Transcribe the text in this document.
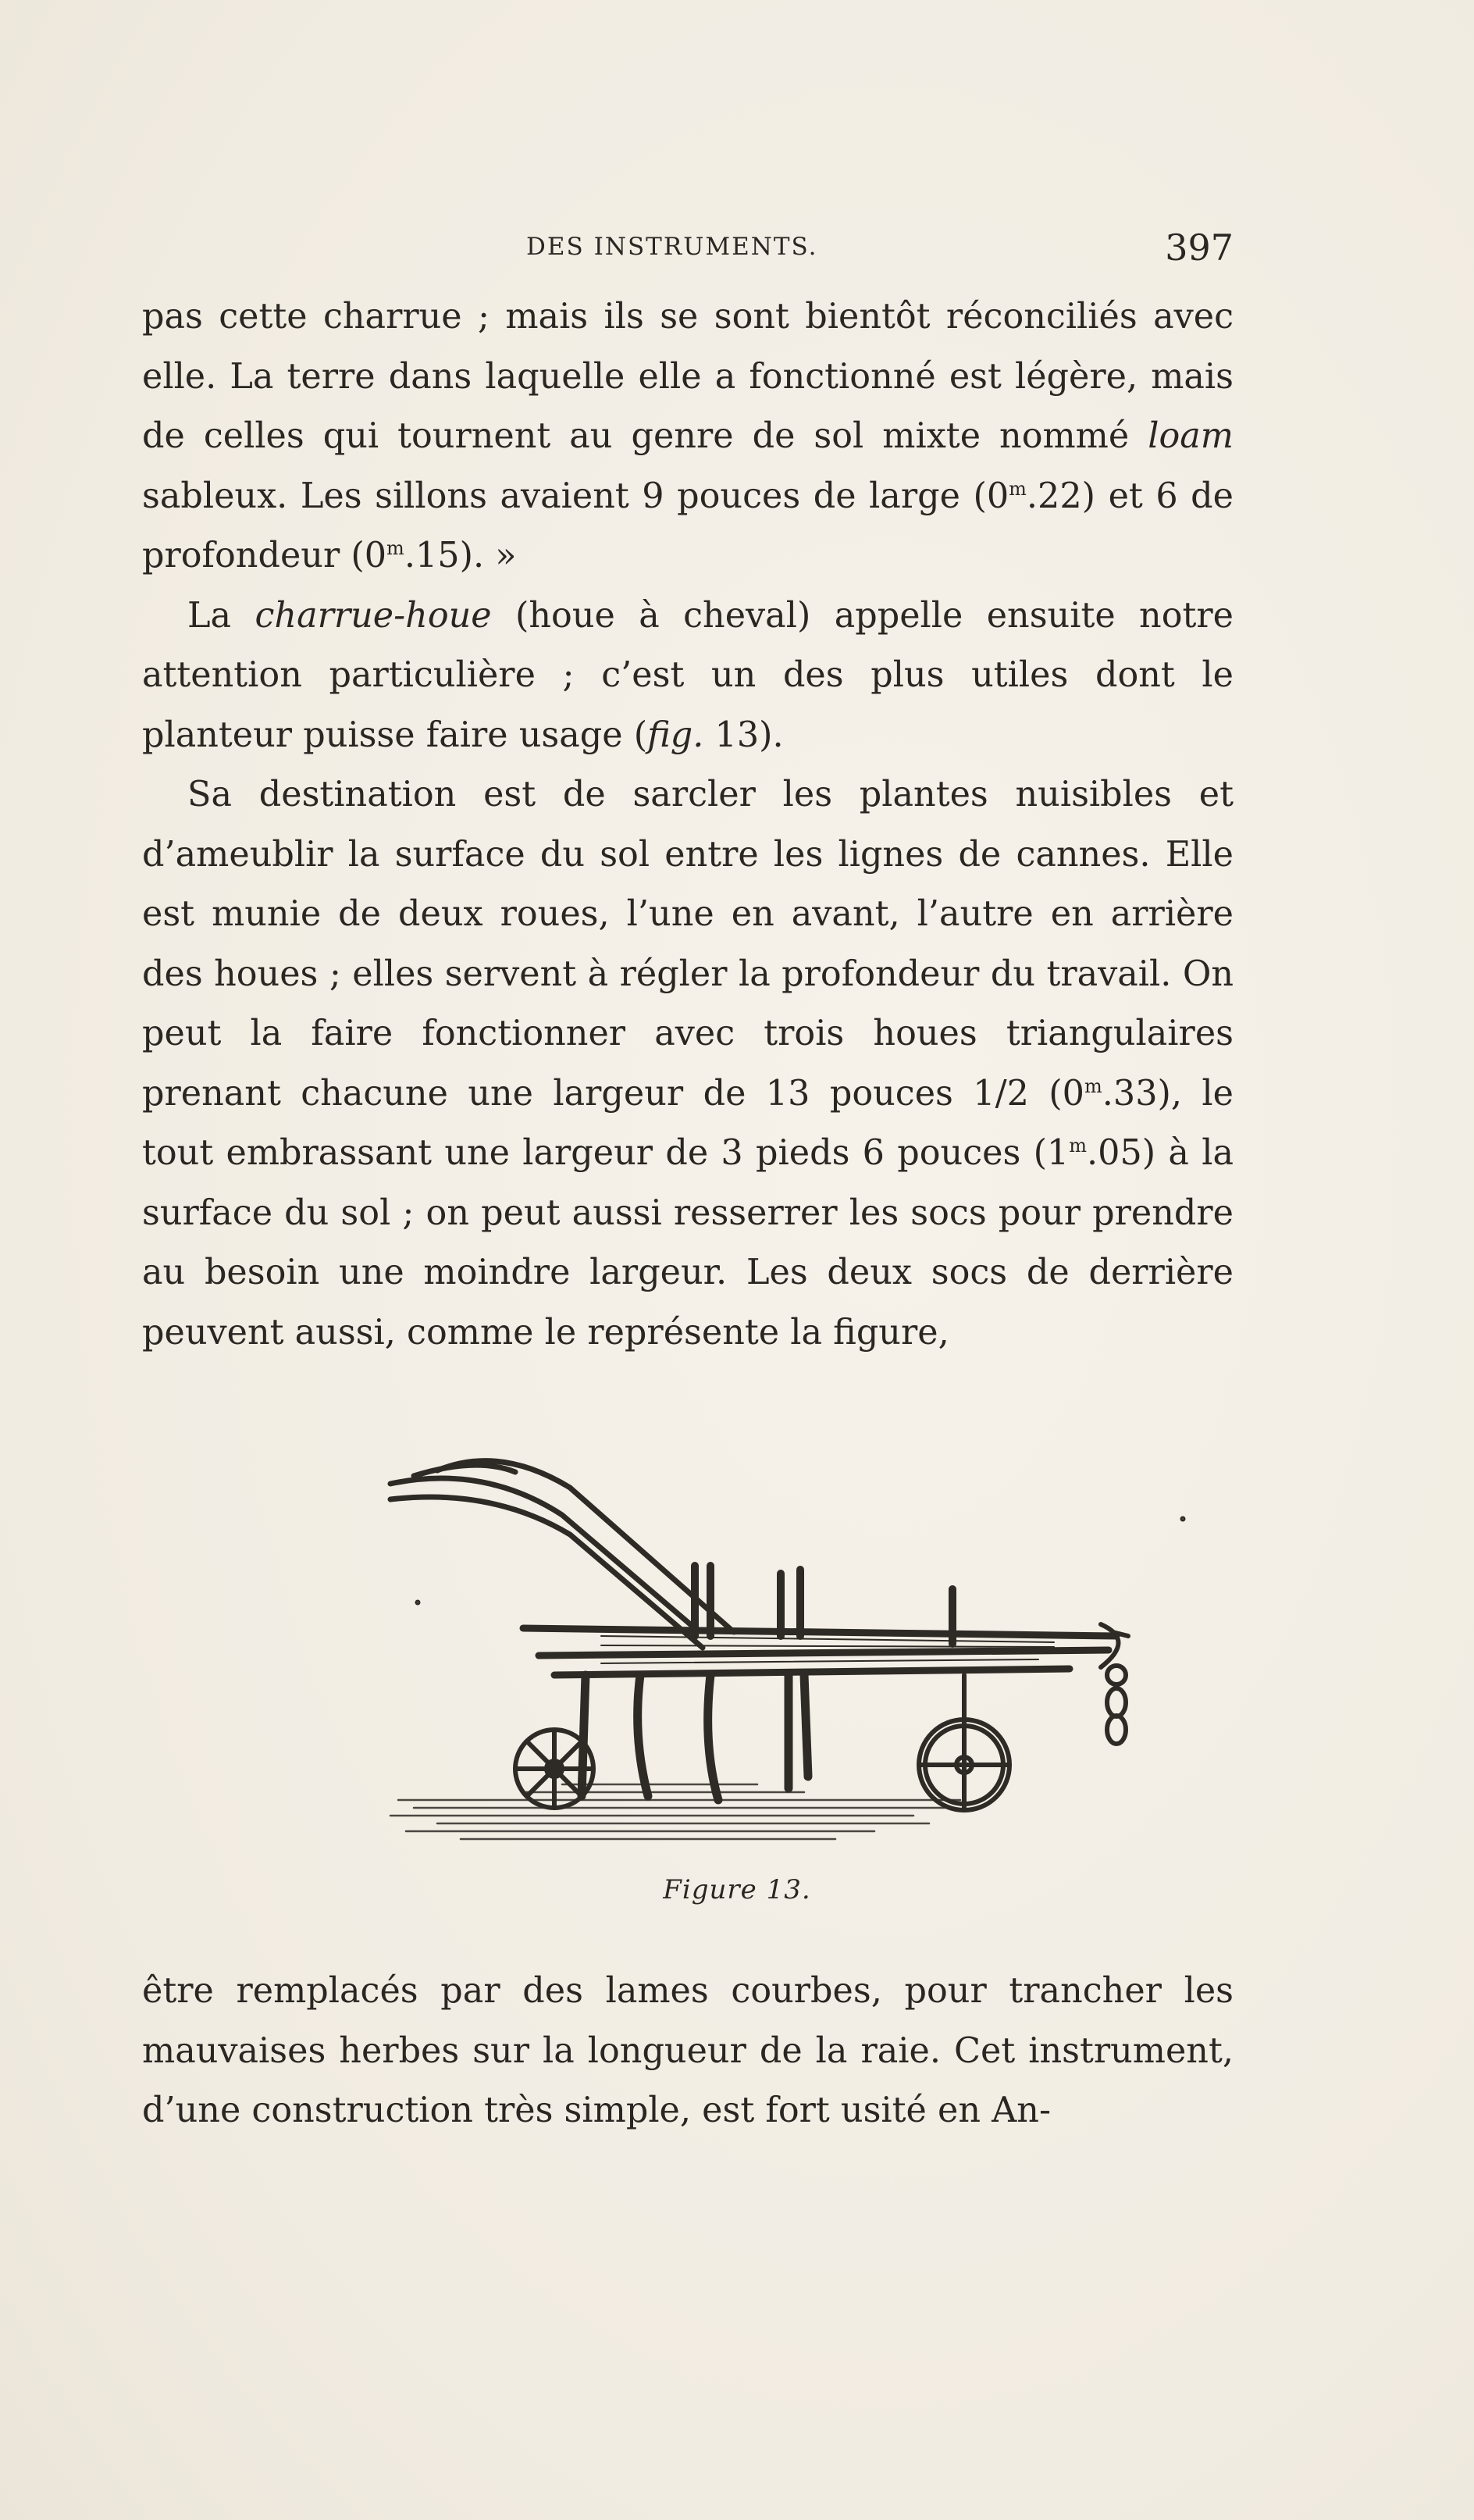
DES INSTRUMENTS.	397

pas cette charrue ; mais ils se sont bientôt réconciliés avec elle. La terre dans laquelle elle a fonctionné est légère, mais de celles qui tournent au genre de sol mixte nommé loam sableux. Les sillons avaient 9 pouces de large (0$^m$.22) et 6 de profondeur (0$^m$.15). »

La charrue-houe (houe à cheval) appelle ensuite notre attention particulière ; c’est un des plus utiles dont le planteur puisse faire usage (fig. 13).

Sa destination est de sarcler les plantes nuisibles et d’ameublir la surface du sol entre les lignes de cannes. Elle est munie de deux roues, l’une en avant, l’autre en arrière des houes ; elles servent à régler la profondeur du travail. On peut la faire fonctionner avec trois houes triangulaires prenant chacune une largeur de 13 pouces 1/2 (0$^m$.33), le tout embrassant une largeur de 3 pieds 6 pouces (1$^m$.05) à la surface du sol ; on peut aussi resserrer les socs pour prendre au besoin une moindre largeur. Les deux socs de derrière peuvent aussi, comme le représente la figure,

Figure 13.

être remplacés par des lames courbes, pour trancher les mauvaises herbes sur la longueur de la raie. Cet instrument, d’une construction très simple, est fort usité en An-
